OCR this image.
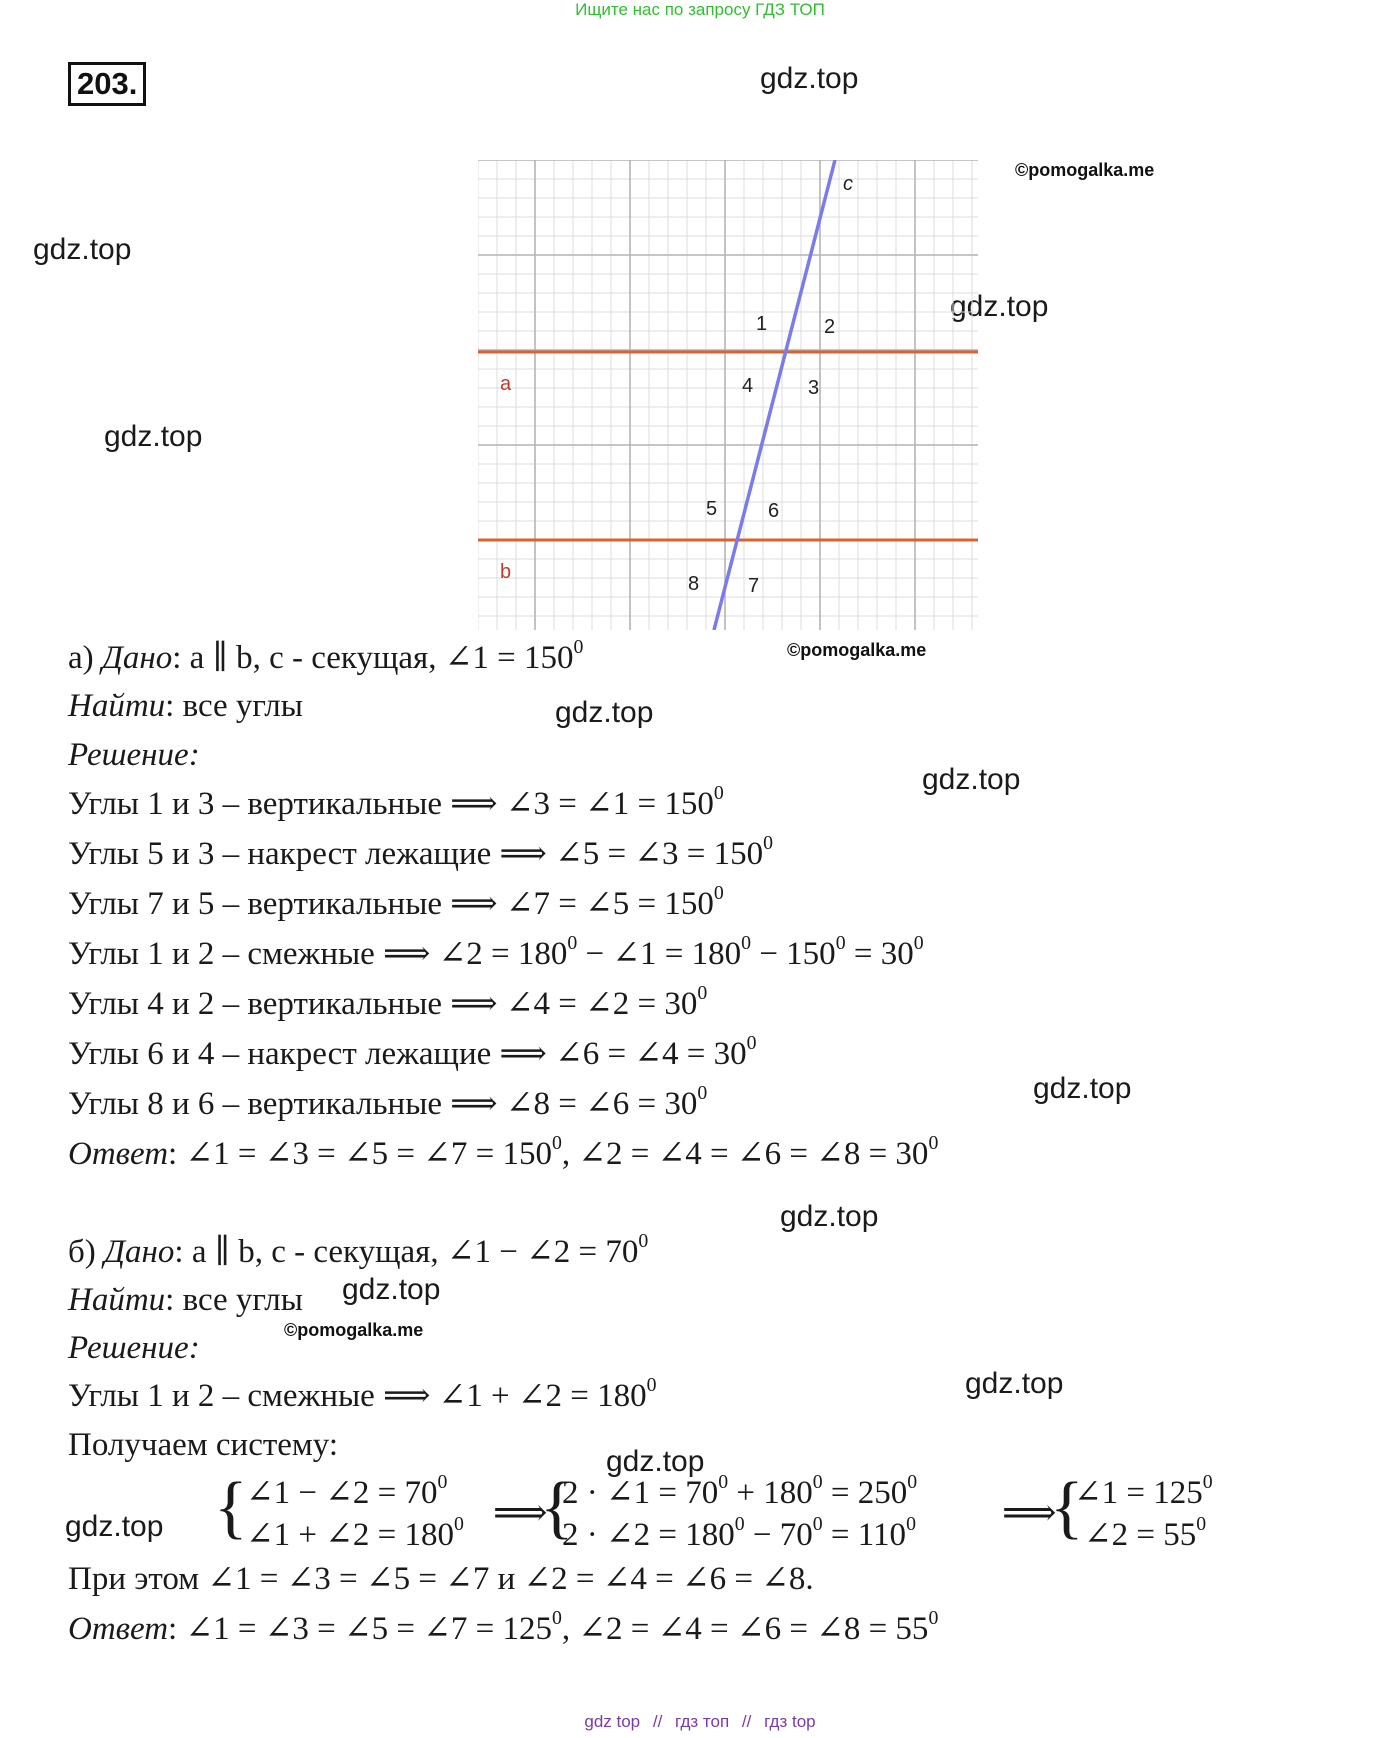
Ищите нас по запросу ГДЗ ТОП
203.	gdz.top
gdz.top
gdz.top
gdz.top
gdz.top
gdz.top
gdz.top
gdz.top
gdz.top
gdz.top
gdz.top
gdz.top
©pomogalka.me
©pomogalka.me
©pomogalka.me
c
a
b
1	2
3
4
5	6
7
8
а) Дано: a ∥ b, c - секущая, ∠1 = $150^0$
Найти: все углы
Решение:
Углы 1 и 3 – вертикальные ⟹ ∠3 = ∠1 = $150^0$
Углы 5 и 3 – накрест лежащие ⟹ ∠5 = ∠3 = $150^0$
Углы 7 и 5 – вертикальные ⟹ ∠7 = ∠5 = $150^0$
Углы 1 и 2 – смежные ⟹ ∠2 = $180^0$ − ∠1 = $180^0 - 150^0 = 30^0$
Углы 4 и 2 – вертикальные ⟹ ∠4 = ∠2 = $30^0$
Углы 6 и 4 – накрест лежащие ⟹ ∠6 = ∠4 = $30^0$
Углы 8 и 6 – вертикальные ⟹ ∠8 = ∠6 = $30^0$
Ответ: ∠1 = ∠3 = ∠5 = ∠7 = $150^0$, ∠2 = ∠4 = ∠6 = ∠8 = $30^0$
б) Дано: a ∥ b, c - секущая, ∠1 − ∠2 = $70^0$
Найти: все углы
Решение:
Углы 1 и 2 – смежные ⟹ ∠1 + ∠2 = $180^0$
Получаем систему:
{
∠1 − ∠2 = $70^0$
∠1 + ∠2 = $180^0$ ⟹
{
2 · ∠1 = $70^0 + 180^0 = 250^0$
2 · ∠2 = $180^0 - 70^0 = 110^0$ ⟹
{
∠1 = $125^0$
∠2 = $55^0$
При этом ∠1 = ∠3 = ∠5 = ∠7 и ∠2 = ∠4 = ∠6 = ∠8.
Ответ: ∠1 = ∠3 = ∠5 = ∠7 = $125^0$, ∠2 = ∠4 = ∠6 = ∠8 = $55^0$
gdz top // гдз топ // гдз top
